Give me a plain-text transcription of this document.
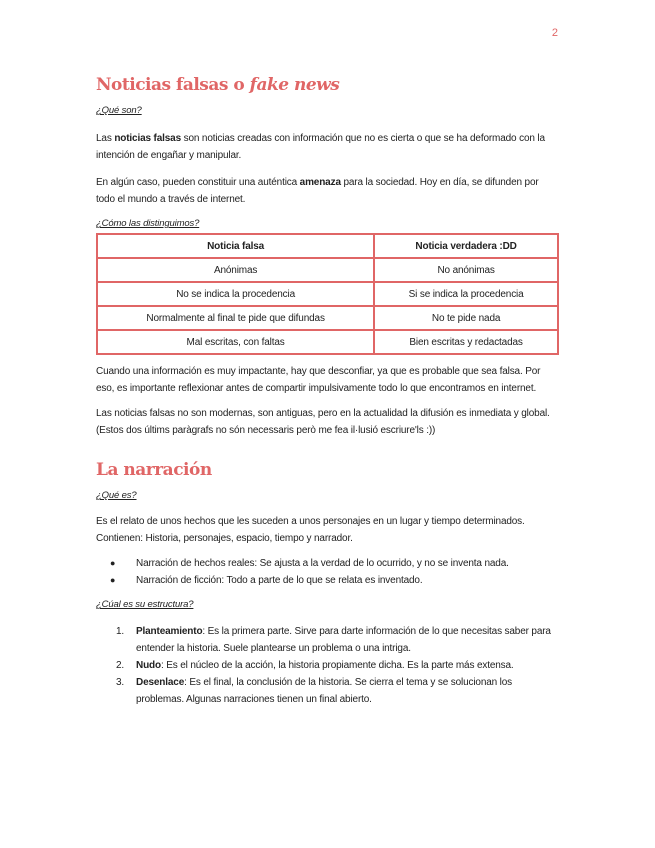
2
Noticias falsas o fake news

¿Qué son?

Las noticias falsas son noticias creadas con información que no es cierta o que se ha deformado con la intención de engañar y manipular.

En algún caso, pueden constituir una auténtica amenaza para la sociedad. Hoy en día, se difunden por todo el mundo a través de internet.

¿Cómo las distinguimos?

Noticia falsa	Noticia verdadera :DD
Anónimas	No anónimas
No se indica la procedencia	Si se indica la procedencia
Normalmente al final te pide que difundas	No te pide nada
Mal escritas, con faltas	Bien escritas y redactadas

Cuando una información es muy impactante, hay que desconfiar, ya que es probable que sea falsa. Por eso, es importante reflexionar antes de compartir impulsivamente todo lo que encontramos en internet.

Las noticias falsas no son modernas, son antiguas, pero en la actualidad la difusión es inmediata y global. (Estos dos últims paràgrafs no són necessaris però me fea il·lusió escriure'ls :))

La narración

¿Qué es?

Es el relato de unos hechos que les suceden a unos personajes en un lugar y tiempo determinados. Contienen: Historia, personajes, espacio, tiempo y narrador.

● Narración de hechos reales: Se ajusta a la verdad de lo ocurrido, y no se inventa nada.
● Narración de ficción: Todo a parte de lo que se relata es inventado.

¿Cúal es su estructura?

1. Planteamiento: Es la primera parte. Sirve para darte información de lo que necesitas saber para entender la historia. Suele plantearse un problema o una intriga.
2. Nudo: Es el núcleo de la acción, la historia propiamente dicha. Es la parte más extensa.
3. Desenlace: Es el final, la conclusión de la historia. Se cierra el tema y se solucionan los problemas. Algunas narraciones tienen un final abierto.
